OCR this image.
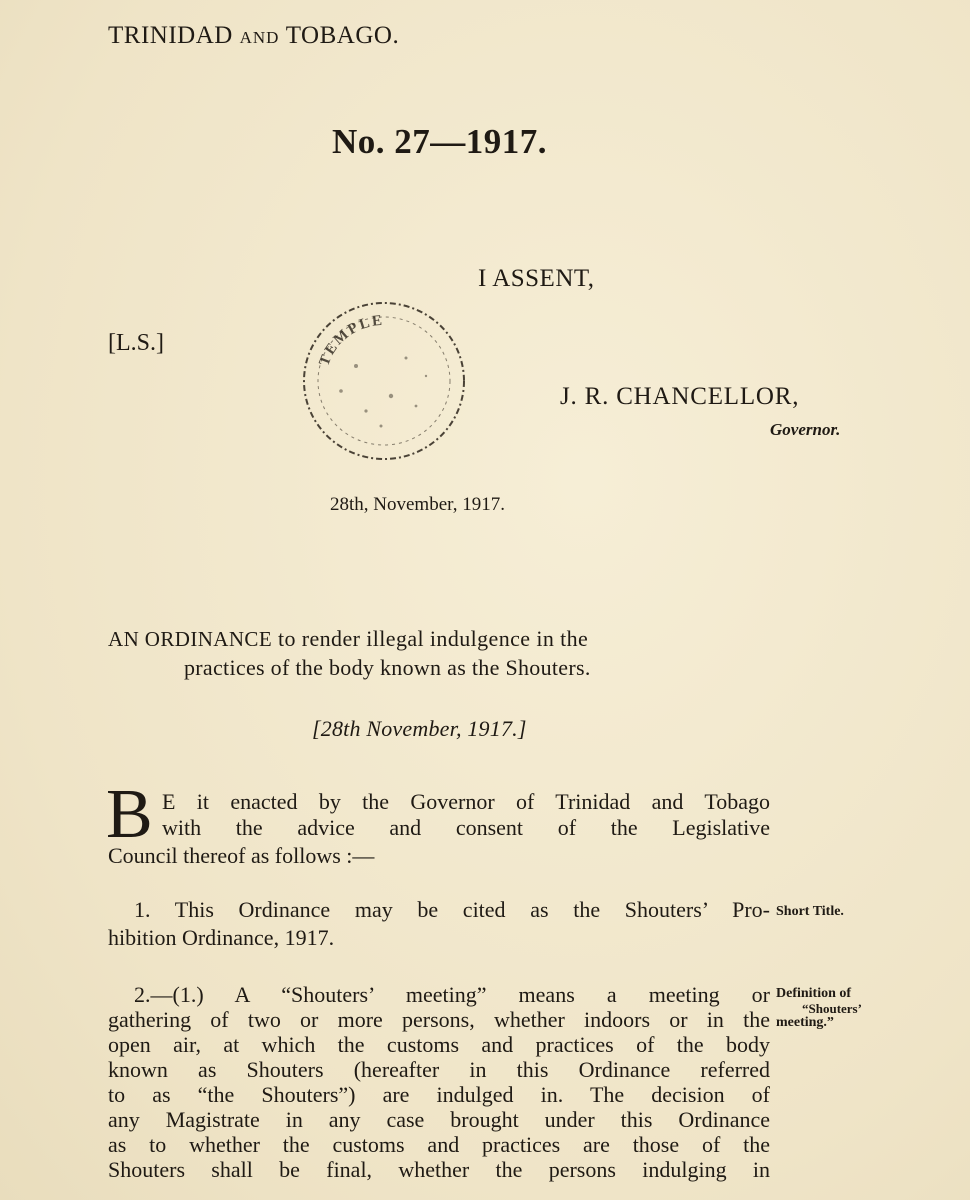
TRINIDAD AND TOBAGO.
No. 27—1917.
I ASSENT,
[L.S.]
TEMPLE
J. R. CHANCELLOR,
Governor.
28th, November, 1917.
AN ORDINANCE to render illegal indulgence in the
practices of the body known as the Shouters.
[28th November, 1917.]
B E it enacted by the Governor of Trinidad and Tobago
with the advice and consent of the Legislative
Council thereof as follows :—
1. This Ordinance may be cited as the Shouters’ Pro-
hibition Ordinance, 1917.
Short Title.
2.—(1.) A “Shouters’ meeting” means a meeting or
gathering of two or more persons, whether indoors or in the
open air, at which the customs and practices of the body
known as Shouters (hereafter in this Ordinance referred
to as “the Shouters”) are indulged in. The decision of
any Magistrate in any case brought under this Ordinance
as to whether the customs and practices are those of the
Shouters shall be final, whether the persons indulging in
Definition of
“Shouters’
meeting.”
